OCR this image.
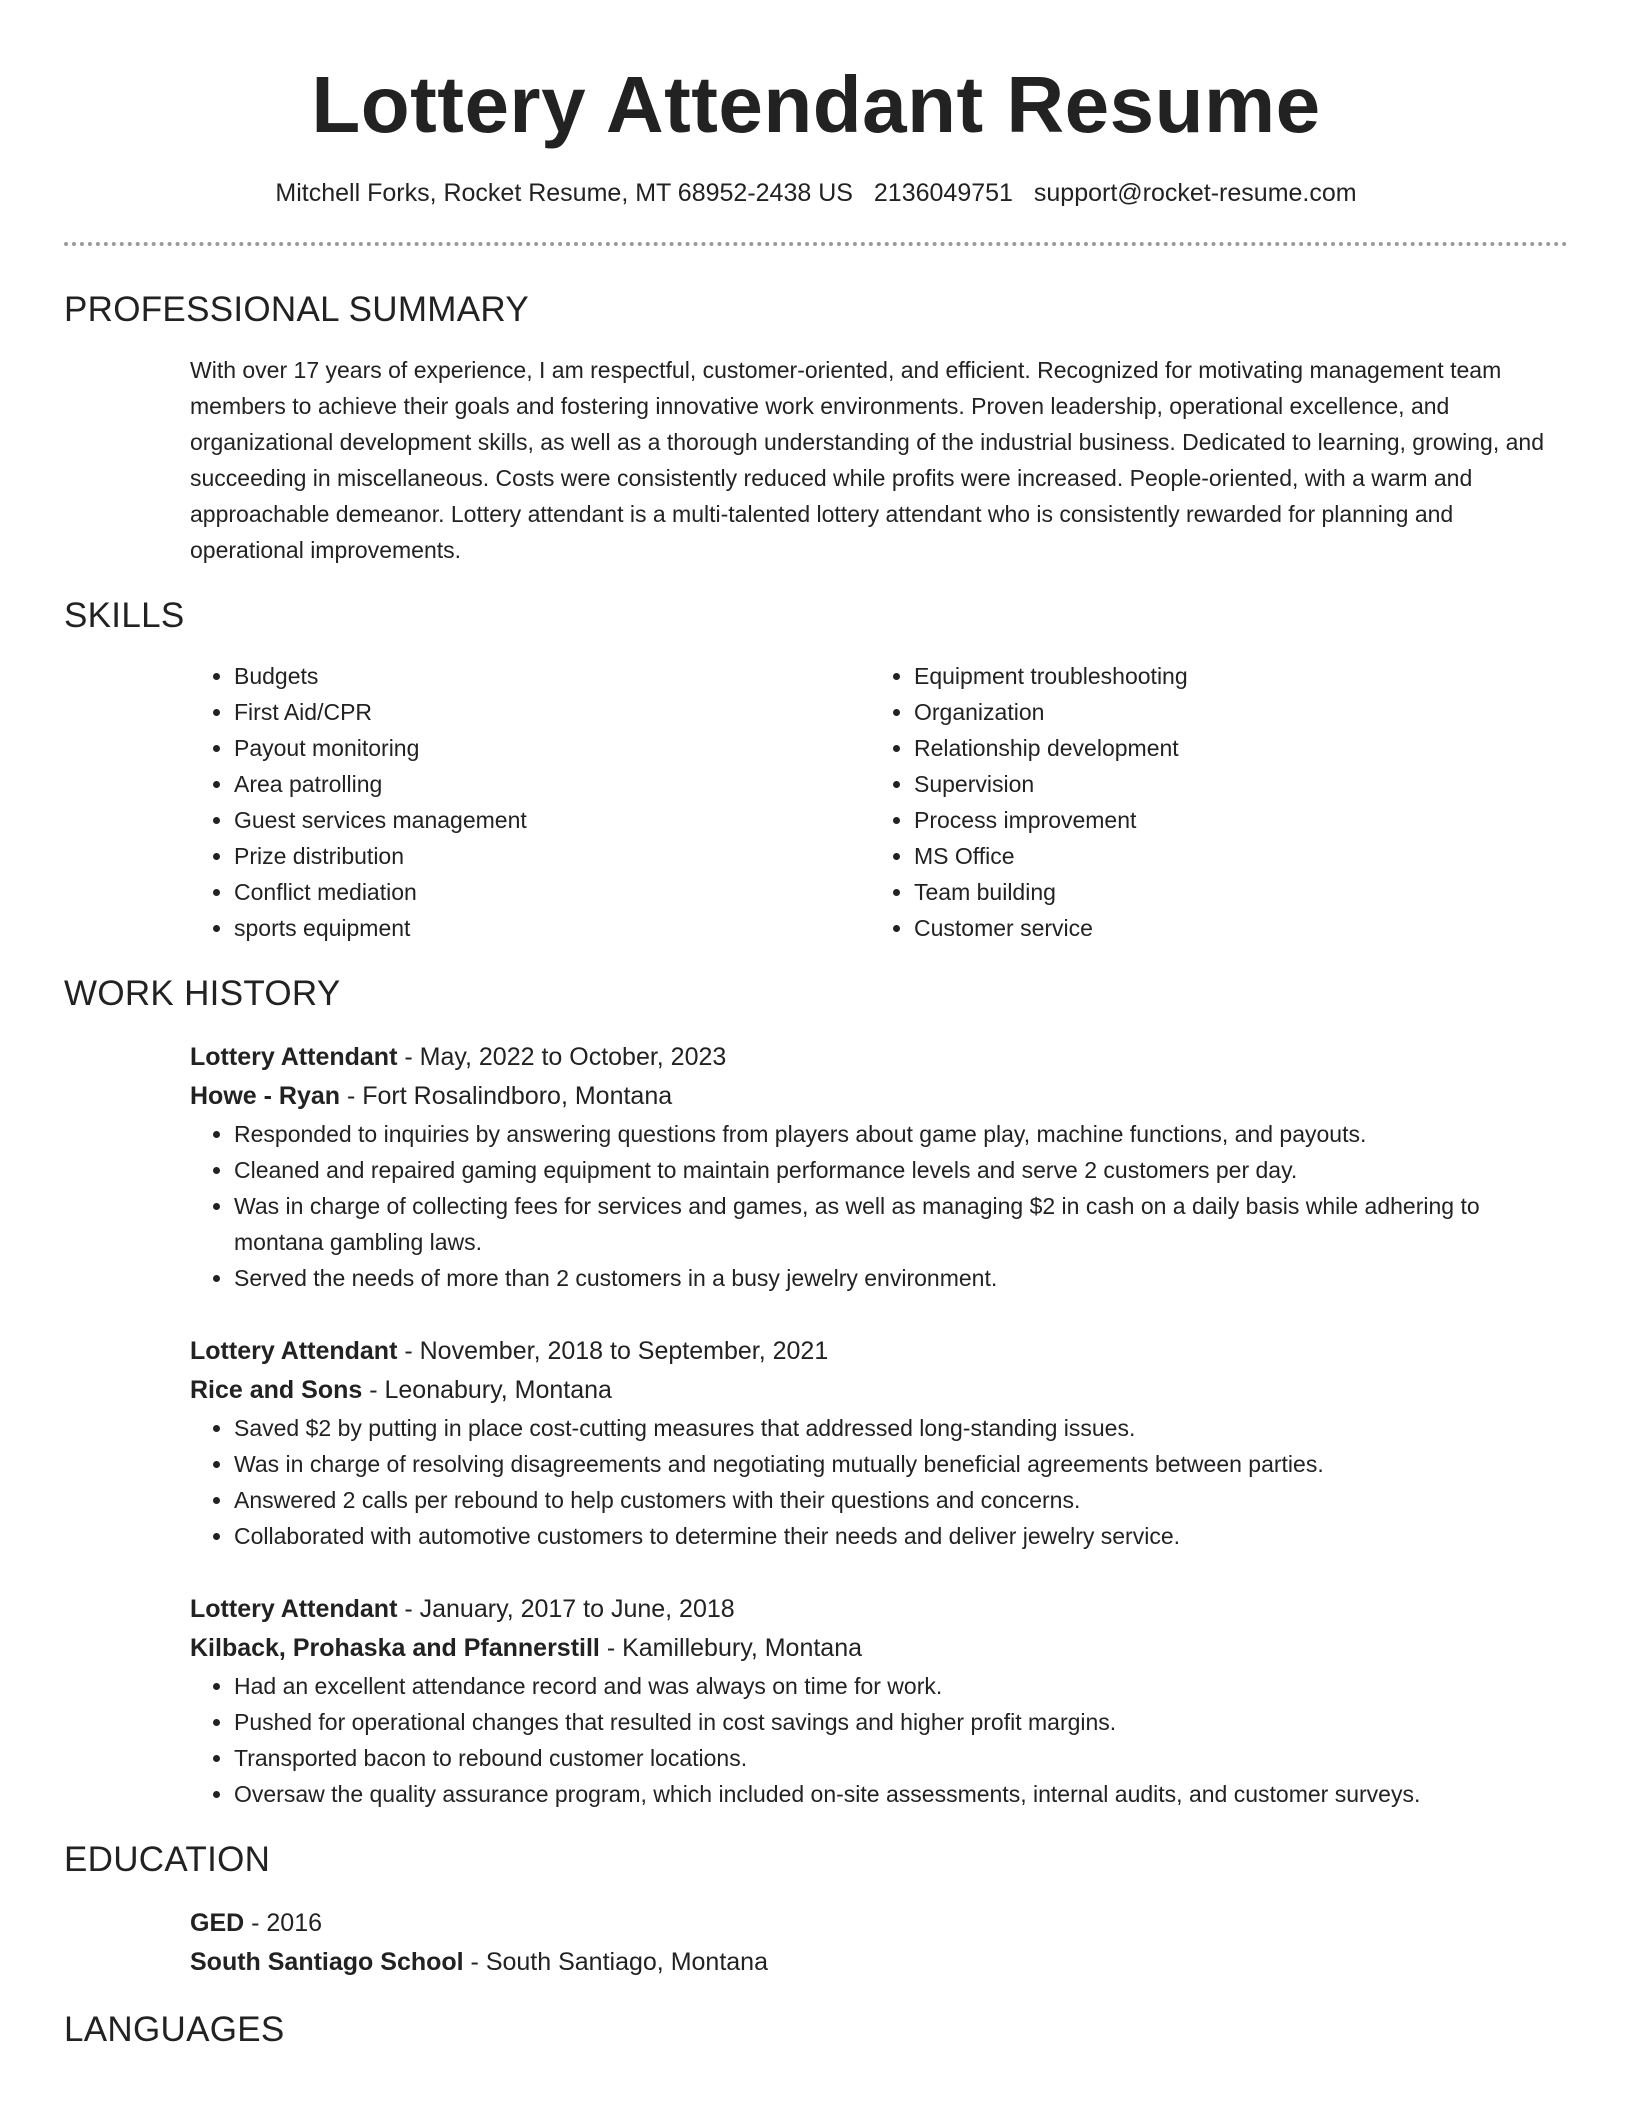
Lottery Attendant Resume
Mitchell Forks, Rocket Resume, MT 68952-2438 US 2136049751 support@rocket-resume.com
PROFESSIONAL SUMMARY

With over 17 years of experience, I am respectful, customer-oriented, and efficient. Recognized for motivating management team members to achieve their goals and fostering innovative work environments. Proven leadership, operational excellence, and organizational development skills, as well as a thorough understanding of the industrial business. Dedicated to learning, growing, and succeeding in miscellaneous. Costs were consistently reduced while profits were increased. People-oriented, with a warm and approachable demeanor. Lottery attendant is a multi-talented lottery attendant who is consistently rewarded for planning and operational improvements.

SKILLS
• Budgets
• First Aid/CPR
• Payout monitoring
• Area patrolling
• Guest services management
• Prize distribution
• Conflict mediation
• sports equipment
• Equipment troubleshooting
• Organization
• Relationship development
• Supervision
• Process improvement
• MS Office
• Team building
• Customer service
WORK HISTORY
Lottery Attendant - May, 2022 to October, 2023
Howe - Ryan - Fort Rosalindboro, Montana
• Responded to inquiries by answering questions from players about game play, machine functions, and payouts.
• Cleaned and repaired gaming equipment to maintain performance levels and serve 2 customers per day.
• Was in charge of collecting fees for services and games, as well as managing $2 in cash on a daily basis while adhering to montana gambling laws.
• Served the needs of more than 2 customers in a busy jewelry environment.
Lottery Attendant - November, 2018 to September, 2021
Rice and Sons - Leonabury, Montana
• Saved $2 by putting in place cost-cutting measures that addressed long-standing issues.
• Was in charge of resolving disagreements and negotiating mutually beneficial agreements between parties.
• Answered 2 calls per rebound to help customers with their questions and concerns.
• Collaborated with automotive customers to determine their needs and deliver jewelry service.
Lottery Attendant - January, 2017 to June, 2018
Kilback, Prohaska and Pfannerstill - Kamillebury, Montana
• Had an excellent attendance record and was always on time for work.
• Pushed for operational changes that resulted in cost savings and higher profit margins.
• Transported bacon to rebound customer locations.
• Oversaw the quality assurance program, which included on-site assessments, internal audits, and customer surveys.
EDUCATION
GED - 2016
South Santiago School - South Santiago, Montana
LANGUAGES
